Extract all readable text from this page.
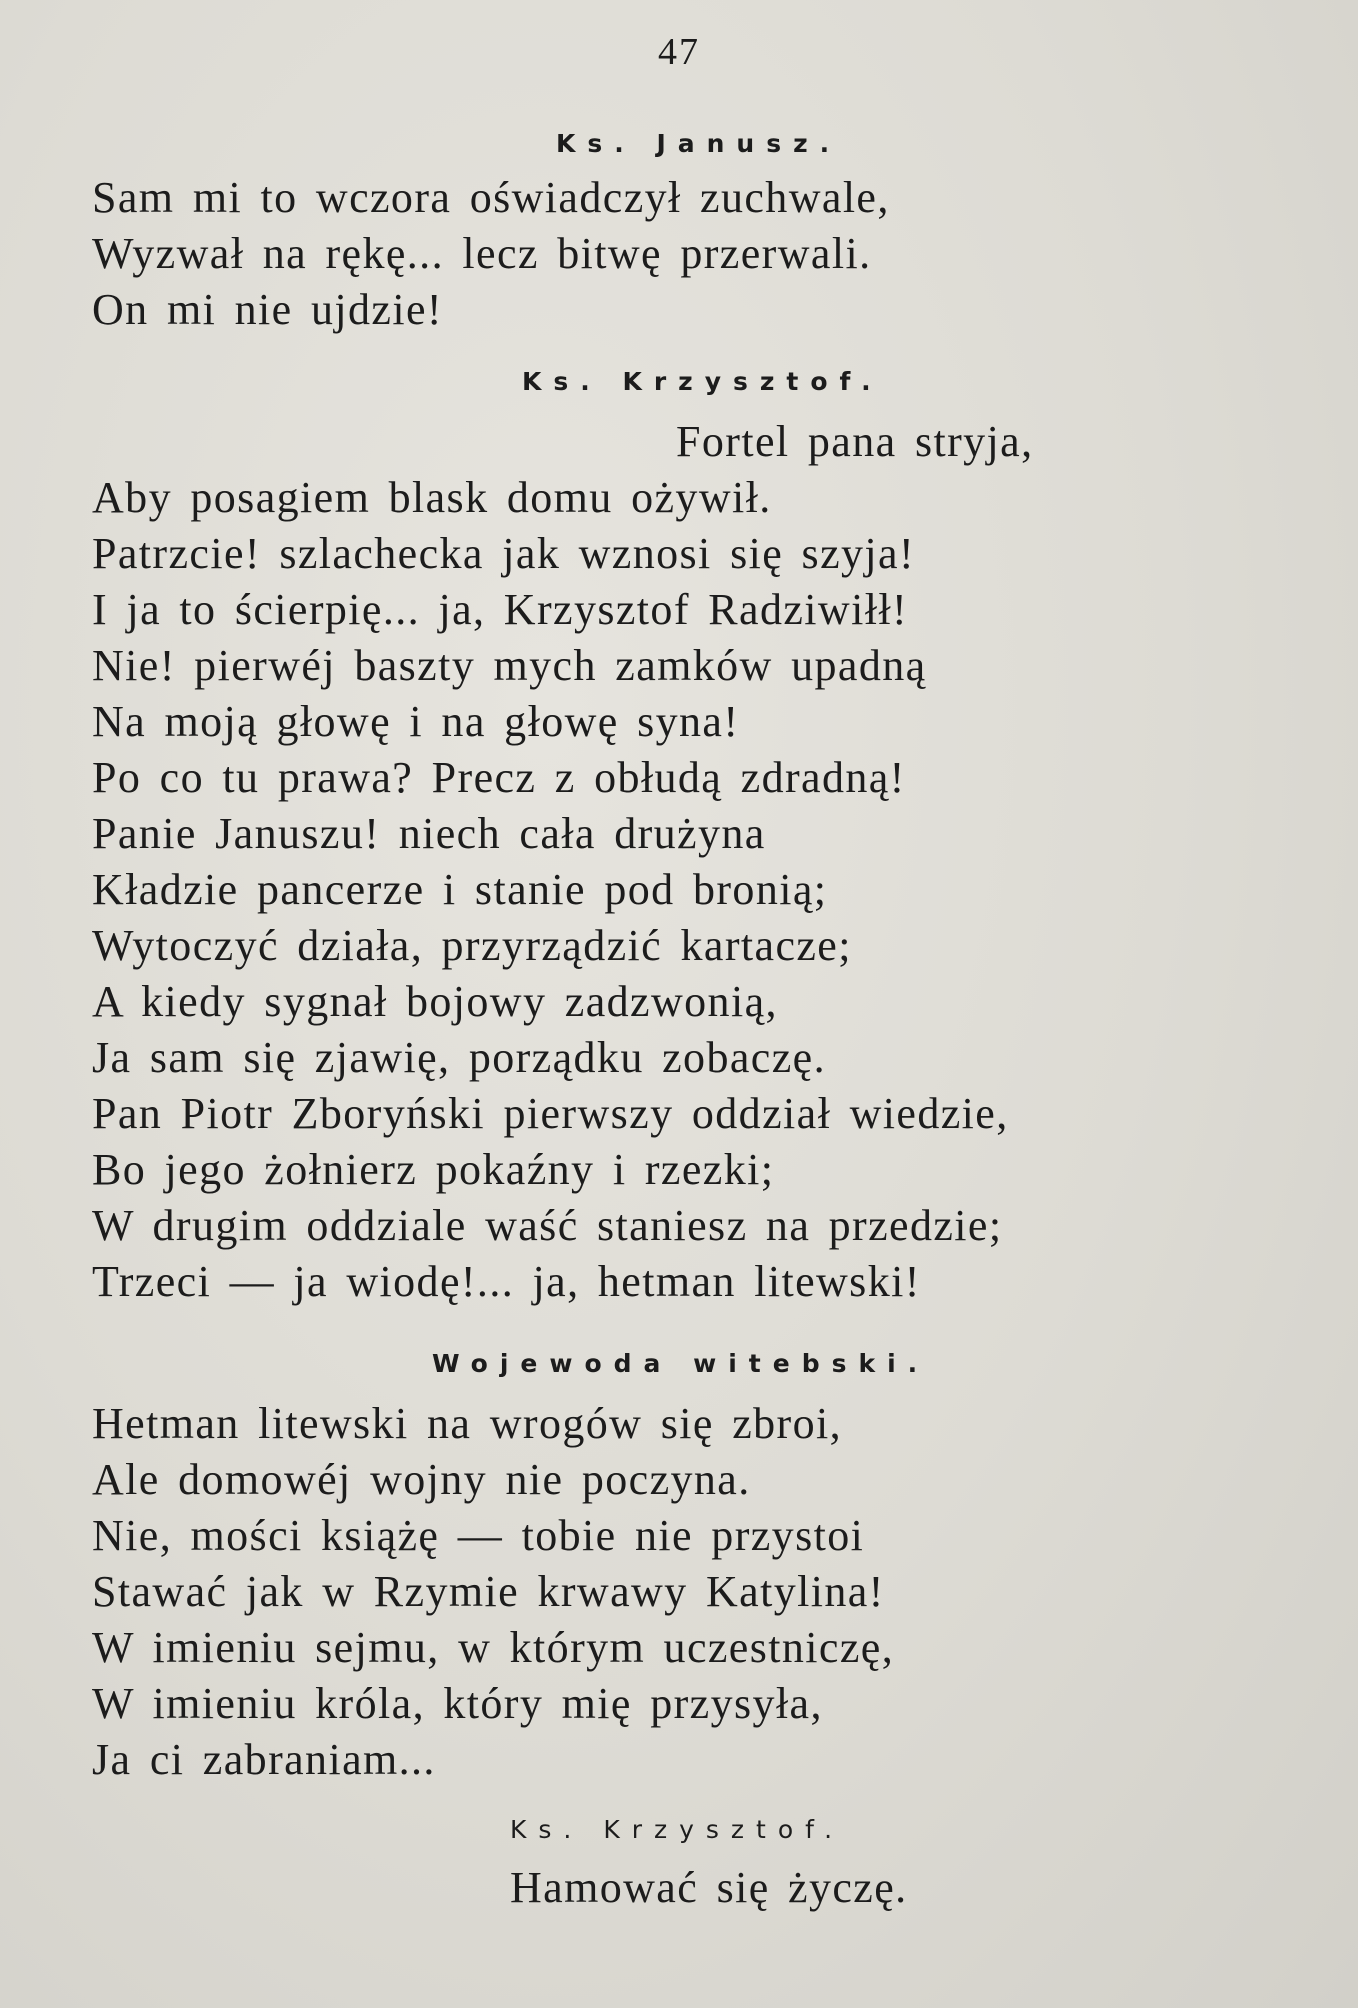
47
Ks. Janusz.
Sam mi to wczora oświadczył zuchwale,
Wyzwał na rękę... lecz bitwę przerwali.
On mi nie ujdzie!
Ks. Krzysztof.
Fortel pana stryja,
Aby posagiem blask domu ożywił.
Patrzcie! szlachecka jak wznosi się szyja!
I ja to ścierpię... ja, Krzysztof Radziwiłł!
Nie! pierwéj baszty mych zamków upadną
Na moją głowę i na głowę syna!
Po co tu prawa? Precz z obłudą zdradną!
Panie Januszu! niech cała drużyna
Kładzie pancerze i stanie pod bronią;
Wytoczyć działa, przyrządzić kartacze;
A kiedy sygnał bojowy zadzwonią,
Ja sam się zjawię, porządku zobaczę.
Pan Piotr Zboryński pierwszy oddział wiedzie,
Bo jego żołnierz pokaźny i rzezki;
W drugim oddziale waść staniesz na przedzie;
Trzeci — ja wiodę!... ja, hetman litewski!
Wojewoda witebski.
Hetman litewski na wrogów się zbroi,
Ale domowéj wojny nie poczyna.
Nie, mości książę — tobie nie przystoi
Stawać jak w Rzymie krwawy Katylina!
W imieniu sejmu, w którym uczestniczę,
W imieniu króla, który mię przysyła,
Ja ci zabraniam...
Ks. Krzysztof.
Hamować się życzę.
